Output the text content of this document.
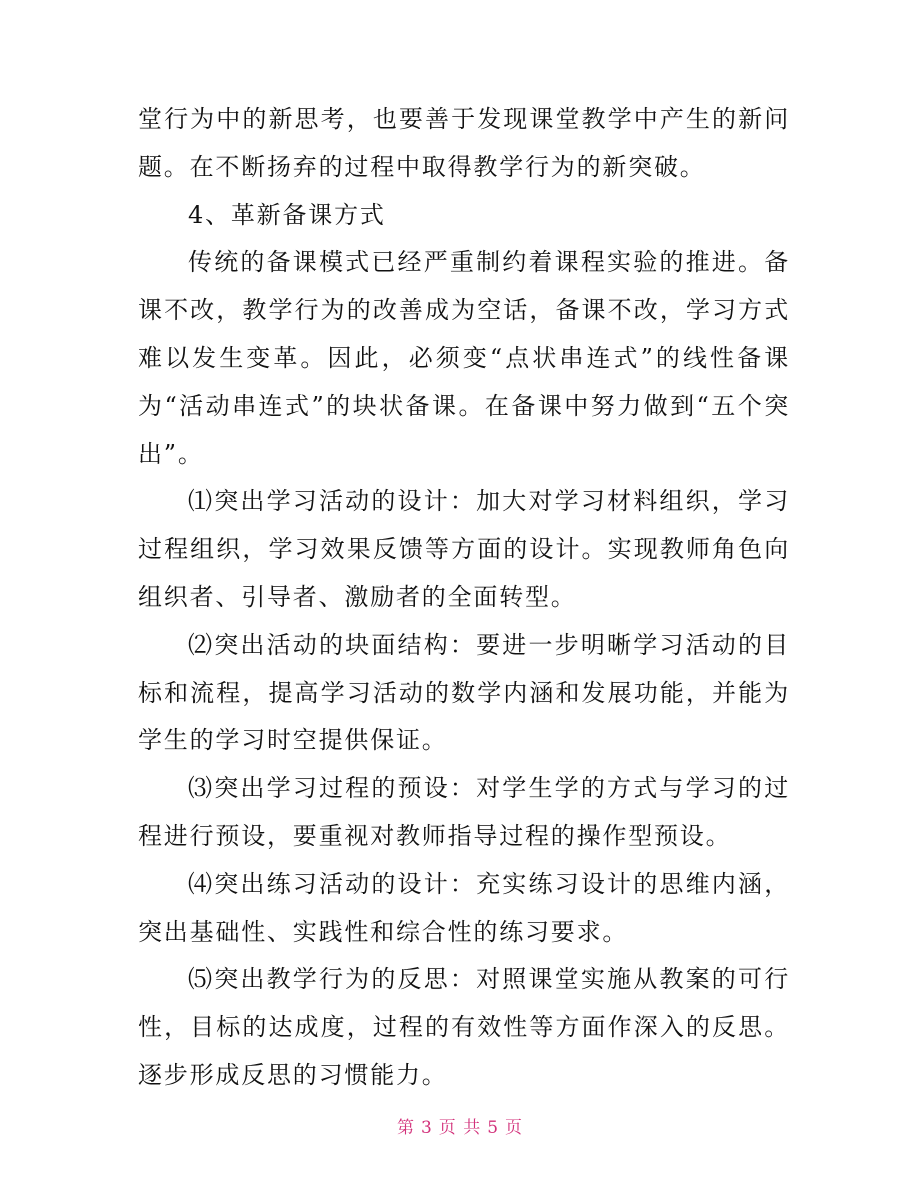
堂行为中的新思考，也要善于发现课堂教学中产生的新问题。在不断扬弃的过程中取得教学行为的新突破。

4、革新备课方式

传统的备课模式已经严重制约着课程实验的推进。备课不改，教学行为的改善成为空话，备课不改，学习方式难以发生变革。因此，必须变“点状串连式”的线性备课为“活动串连式”的块状备课。在备课中努力做到“五个突出”。

⑴突出学习活动的设计：加大对学习材料组织，学习过程组织，学习效果反馈等方面的设计。实现教师角色向组织者、引导者、激励者的全面转型。

⑵突出活动的块面结构：要进一步明晰学习活动的目标和流程，提高学习活动的数学内涵和发展功能，并能为学生的学习时空提供保证。

⑶突出学习过程的预设：对学生学的方式与学习的过程进行预设，要重视对教师指导过程的操作型预设。

⑷突出练习活动的设计：充实练习设计的思维内涵，突出基础性、实践性和综合性的练习要求。

⑸突出教学行为的反思：对照课堂实施从教案的可行性，目标的达成度，过程的有效性等方面作深入的反思。逐步形成反思的习惯能力。

第 3 页 共 5 页
